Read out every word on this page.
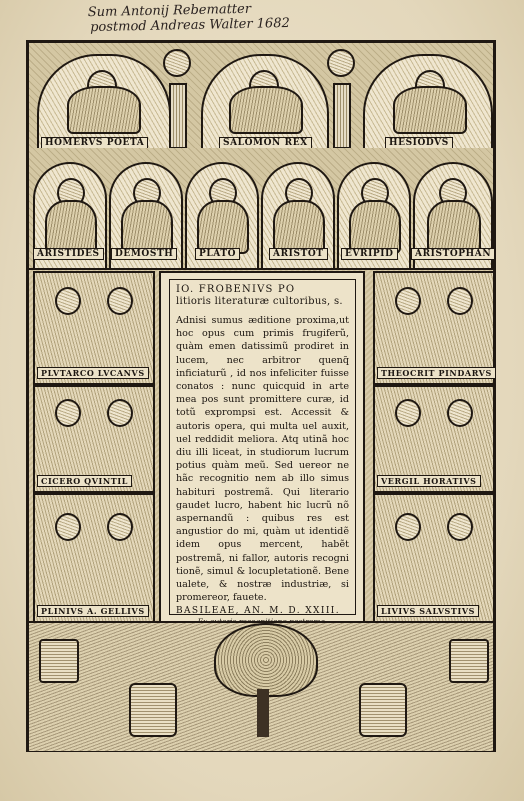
Sum Antonij Rebematter
postmod Andreas Walter 1682
HOMERVS POETA	SALOMON REX	HESIODVS
ARISTIDES	DEMOSTH	PLATO	ARISTOT	EVRIPID	ARISTOPHAN
PLVTARCO LVCANVS
CICERO QVINTIL
PLINIVS A. GELLIVS
THEOCRIT PINDARVS
VERGIL HORATIVS
LIVIVS SALVSTIVS
IO. FROBENIVS PO
litioris literaturæ cultoribus, s.
Adnisi sumus æditione proxima,ut hoc opus cum primis frugiferũ, quàm emen datissimũ prodiret in lucem, nec arbitror quenq̃ inficiaturũ , id nos infeliciter fuisse conatos : nunc quicquid in arte mea pos sunt promittere curæ, id totũ exprompsi est. Accessit & autoris opera, qui multa uel auxit, uel reddidit meliora. Atq utinã hoc diu illi liceat, in studiorum lucrum potius quàm meũ. Sed uereor ne hãc recognitio nem ab illo simus habituri postremã. Qui literario gaudet lucro, habent hic lucrũ nõ aspernandũ : quibus res est angustior do mi, quàm ut identidẽ idem opus mercent, habẽt postremã, ni fallor, autoris recogni tionẽ, simul & locupletationẽ. Bene ualete, & nostræ industriæ, si promereor, fauete.
BASILEAE, AN. M. D. XXIII.
